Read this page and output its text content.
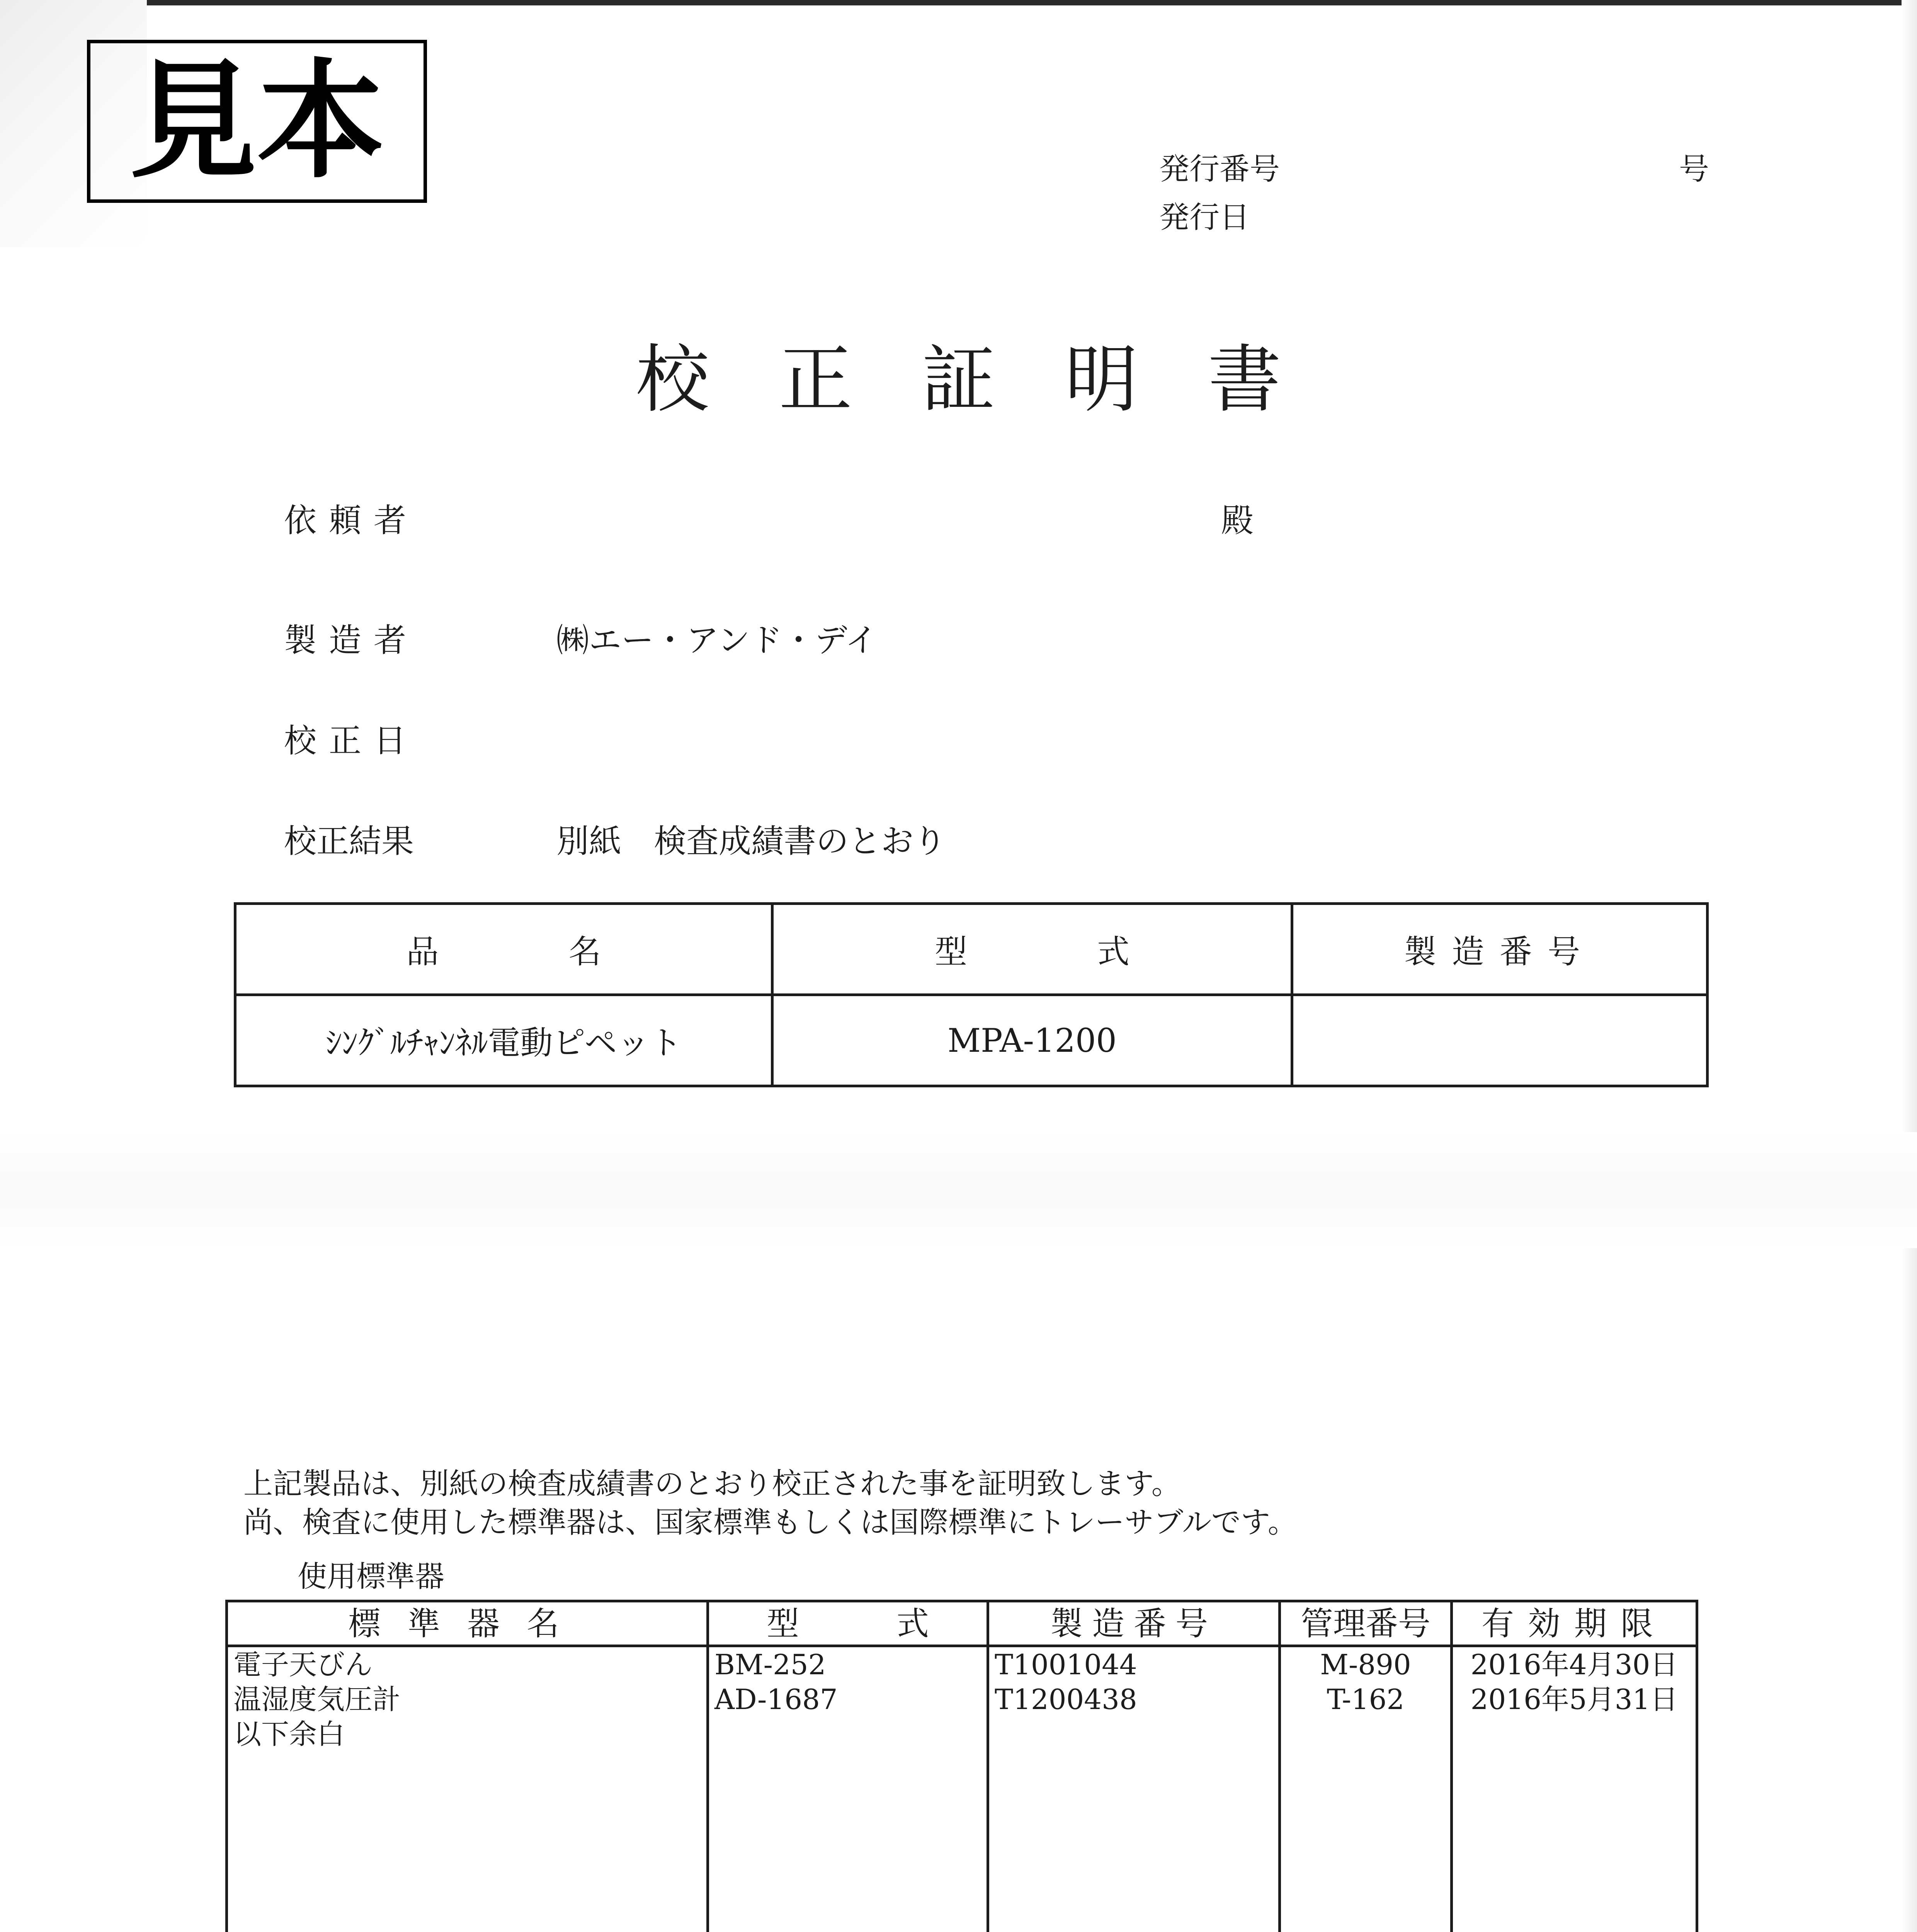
見本	発行番号	号
発行日
校正証明書
依頼者	殿
製造者	㈱エー・アンド・デイ
校正日
校正結果	別紙　検査成績書のとおり
品　　　　名	型　　　　式	製造番号
ｼﾝｸﾞﾙﾁｬﾝﾈﾙ電動ピペット	MPA-1200	
上記製品は、別紙の検査成績書のとおり校正された事を証明致します。
尚、検査に使用した標準器は、国家標準もしくは国際標準にトレーサブルです。
使用標準器
標準器名	型　　　式	製造番号	管理番号	有効期限
電子天びん	BM-252	T1001044	M-890	2016年4月30日
温湿度気圧計	AD-1687	T1200438	T-162	2016年5月31日
以下余白				
